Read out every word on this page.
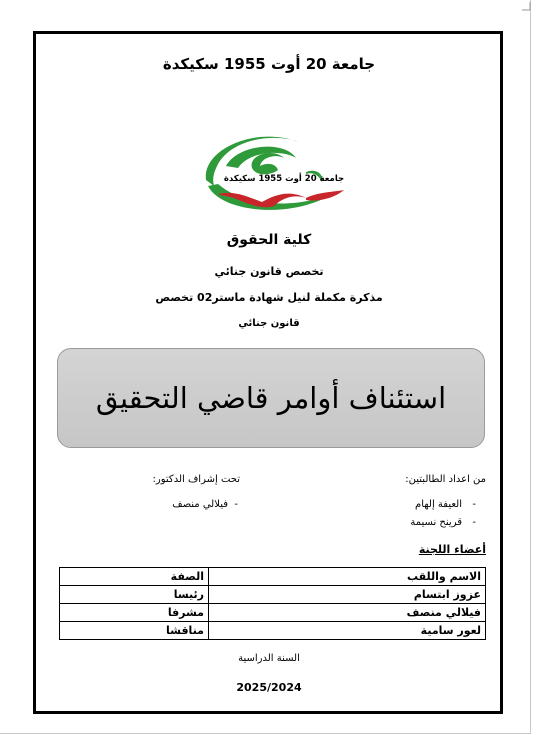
جامعة 20 أوت 1955 سكيكدة
جامعة 20 أوت 1955 سكيكدة
كلية الحقوق
تخصص قانون جنائي
مذكرة مكملة لنيل شهادة ماستر02 تخصص
قانون جنائي
استئناف أوامر قاضي التحقيق
من اعداد الطالبتين:
-
العيفة إلهام
-
قرينح نسيمة
تحت إشراف الدكتور:
-
فيلالي منصف
أعضاء اللجنة
الاسم واللقب	الصفة
عزوز ابتسام	رئيسا
فيلالي منصف	مشرفا
لعور سامية	مناقشا
السنة الدراسية
2025/2024
